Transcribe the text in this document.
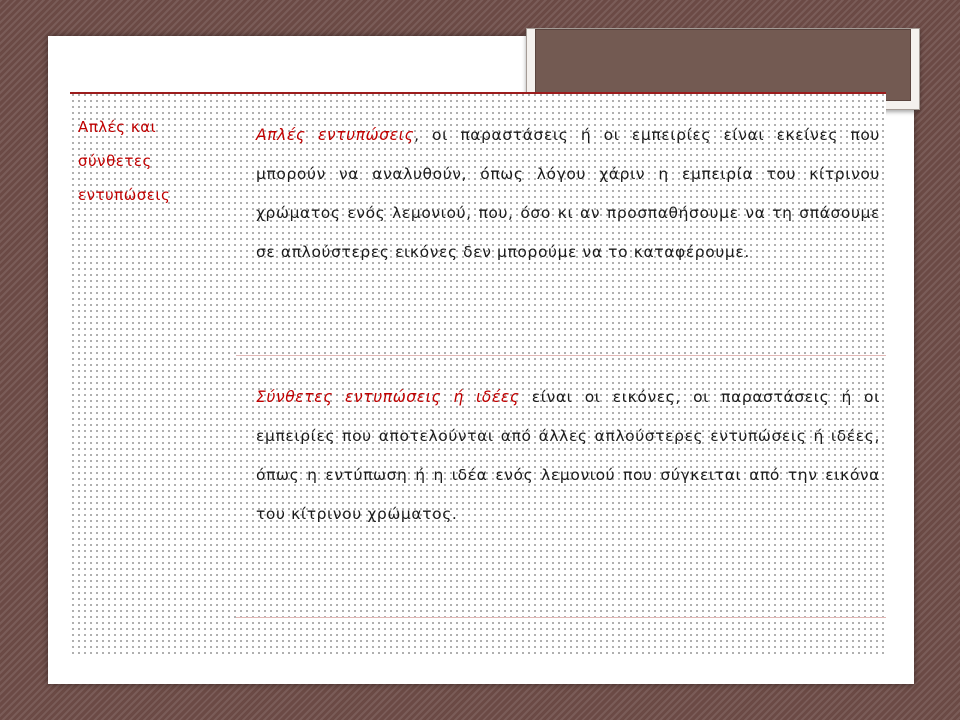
Απλές και
σύνθετες
εντυπώσεις
Απλές εντυπώσεις, οι παραστάσεις ή οι εμπειρίες είναι εκείνες που μπορούν να αναλυθούν, όπως λόγου χάριν η εμπειρία του κίτρινου χρώματος ενός λεμονιού, που, όσο κι αν προσπαθήσουμε να τη σπάσουμε σε απλούστερες εικόνες δεν μπορούμε να το καταφέρουμε.
Σύνθετες εντυπώσεις ή ιδέες είναι οι εικόνες, οι παραστάσεις ή οι εμπειρίες που αποτελούνται από άλλες απλούστερες εντυπώσεις ή ιδέες, όπως η εντύπωση ή η ιδέα ενός λεμονιού που σύγκειται από την εικόνα του κίτρινου χρώματος.
